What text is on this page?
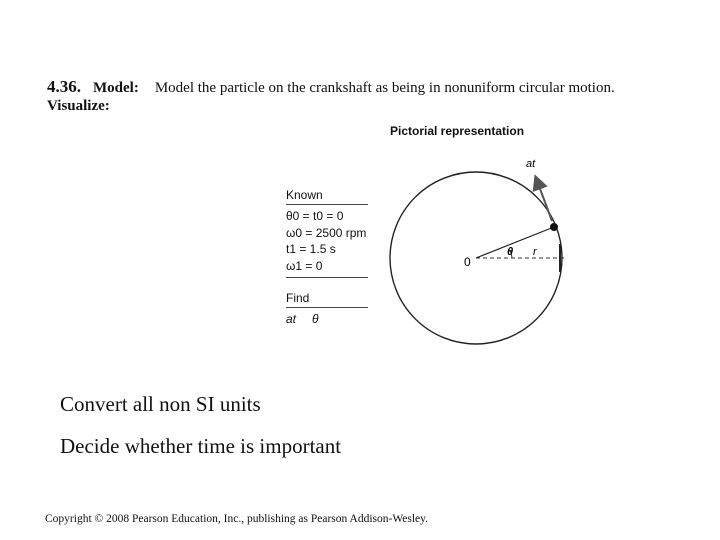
4.36. Model: Model the particle on the crankshaft as being in nonuniform circular motion.
Visualize:
Pictorial representation
Known
θ0 = t0 = 0
ω0 = 2500 rpm
t1 = 1.5 s
ω1 = 0
Find
at θ
0
θ r
at
Convert all non SI units
Decide whether time is important
Copyright © 2008 Pearson Education, Inc., publishing as Pearson Addison-Wesley.
